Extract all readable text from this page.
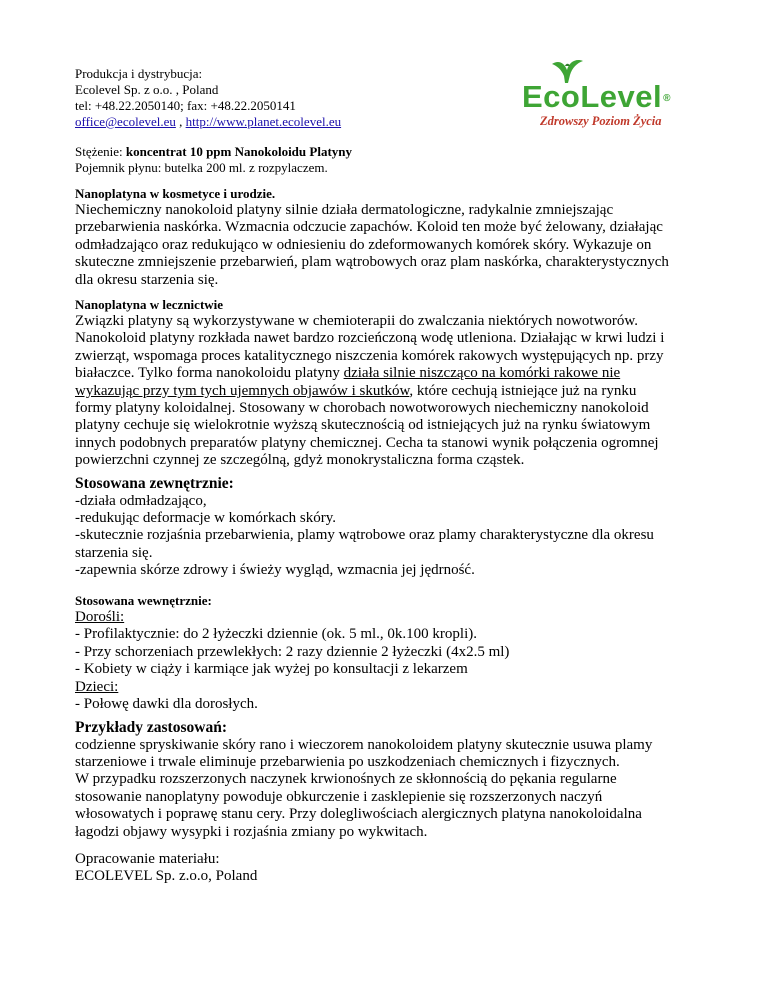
Produkcja i dystrybucja:
Ecolevel Sp. z o.o. , Poland
tel: +48.22.2050140; fax: +48.22.2050141
office@ecolevel.eu , http://www.planet.ecolevel.eu
EcoLevel®
Zdrowszy Poziom Życia
Stężenie: koncentrat 10 ppm Nanokoloidu Platyny
Pojemnik płynu: butelka 200 ml. z rozpylaczem.
Nanoplatyna w kosmetyce i urodzie.
Niechemiczny nanokoloid platyny silnie działa dermatologiczne, radykalnie zmniejszając
przebarwienia naskórka. Wzmacnia odczucie zapachów. Koloid ten może być żelowany, działając
odmładzająco oraz redukująco w odniesieniu do zdeformowanych komórek skóry. Wykazuje on
skuteczne zmniejszenie przebarwień, plam wątrobowych oraz plam naskórka, charakterystycznych
dla okresu starzenia się.
Nanoplatyna w lecznictwie
Związki platyny są wykorzystywane w chemioterapii do zwalczania niektórych nowotworów.
Nanokoloid platyny rozkłada nawet bardzo rozcieńczoną wodę utleniona. Działając w krwi ludzi i
zwierząt, wspomaga proces katalitycznego niszczenia komórek rakowych występujących np. przy
białaczce. Tylko forma nanokoloidu platyny działa silnie niszcząco na komórki rakowe nie
wykazując przy tym tych ujemnych objawów i skutków, które cechują istniejące już na rynku
formy platyny koloidalnej. Stosowany w chorobach nowotworowych niechemiczny nanokoloid
platyny cechuje się wielokrotnie wyższą skutecznością od istniejących już na rynku światowym
innych podobnych preparatów platyny chemicznej. Cecha ta stanowi wynik połączenia ogromnej
powierzchni czynnej ze szczególną, gdyż monokrystaliczna forma cząstek.
Stosowana zewnętrznie:
-działa odmładzająco,
-redukując deformacje w komórkach skóry.
-skutecznie rozjaśnia przebarwienia, plamy wątrobowe oraz plamy charakterystyczne dla okresu
starzenia się.
-zapewnia skórze zdrowy i świeży wygląd, wzmacnia jej jędrność.
Stosowana wewnętrznie:
Dorośli:
- Profilaktycznie: do 2 łyżeczki dziennie (ok. 5 ml., 0k.100 kropli).
- Przy schorzeniach przewlekłych: 2 razy dziennie 2 łyżeczki (4x2.5 ml)
- Kobiety w ciąży i karmiące jak wyżej po konsultacji z lekarzem
Dzieci:
- Połowę dawki dla dorosłych.
Przykłady zastosowań:
codzienne spryskiwanie skóry rano i wieczorem nanokoloidem platyny skutecznie usuwa plamy
starzeniowe i trwale eliminuje przebarwienia po uszkodzeniach chemicznych i fizycznych.
W przypadku rozszerzonych naczynek krwionośnych ze skłonnością do pękania regularne
stosowanie nanoplatyny powoduje obkurczenie i zasklepienie się rozszerzonych naczyń
włosowatych i poprawę stanu cery. Przy dolegliwościach alergicznych platyna nanokoloidalna
łagodzi objawy wysypki i rozjaśnia zmiany po wykwitach.
Opracowanie materiału:
ECOLEVEL Sp. z.o.o, Poland
